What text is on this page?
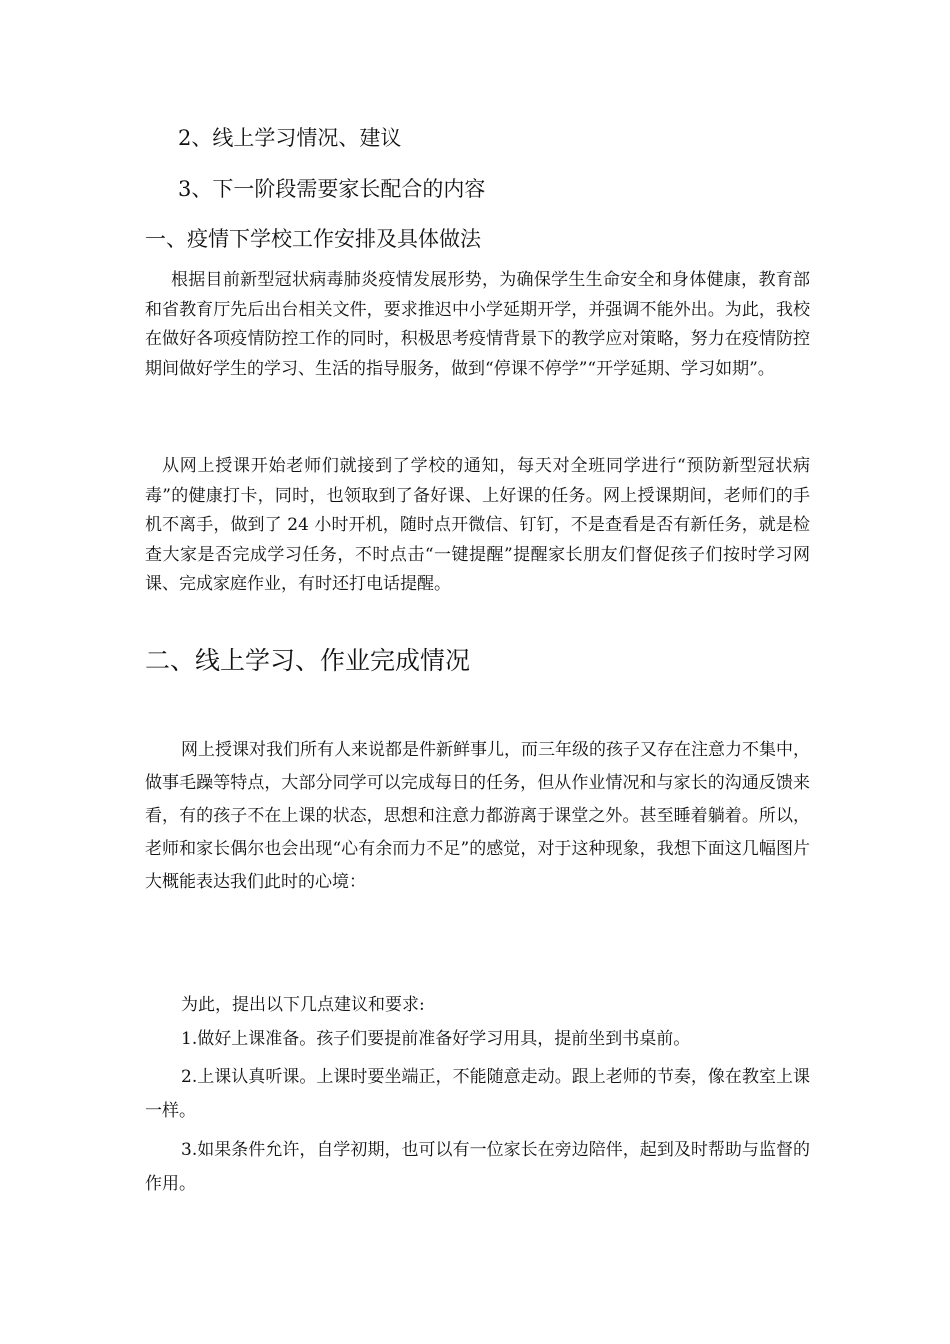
2、线上学习情况、建议

3、下一阶段需要家长配合的内容

一、疫情下学校工作安排及具体做法

根据目前新型冠状病毒肺炎疫情发展形势，为确保学生生命安全和身体健康，教育部和省教育厅先后出台相关文件，要求推迟中小学延期开学，并强调不能外出。为此，我校在做好各项疫情防控工作的同时，积极思考疫情背景下的教学应对策略，努力在疫情防控期间做好学生的学习、生活的指导服务，做到“停课不停学”“开学延期、学习如期”。

从网上授课开始老师们就接到了学校的通知，每天对全班同学进行“预防新型冠状病毒”的健康打卡，同时，也领取到了备好课、上好课的任务。网上授课期间，老师们的手机不离手，做到了 24 小时开机，随时点开微信、钉钉，不是查看是否有新任务，就是检查大家是否完成学习任务，不时点击“一键提醒”提醒家长朋友们督促孩子们按时学习网课、完成家庭作业，有时还打电话提醒。

二、线上学习、作业完成情况

网上授课对我们所有人来说都是件新鲜事儿，而三年级的孩子又存在注意力不集中，做事毛躁等特点，大部分同学可以完成每日的任务，但从作业情况和与家长的沟通反馈来看，有的孩子不在上课的状态，思想和注意力都游离于课堂之外。甚至睡着躺着。所以，老师和家长偶尔也会出现“心有余而力不足”的感觉，对于这种现象，我想下面这几幅图片大概能表达我们此时的心境：

为此，提出以下几点建议和要求:

1.做好上课准备。孩子们要提前准备好学习用具，提前坐到书桌前。

2.上课认真听课。上课时要坐端正，不能随意走动。跟上老师的节奏，像在教室上课一样。

3.如果条件允许，自学初期，也可以有一位家长在旁边陪伴，起到及时帮助与监督的作用。
